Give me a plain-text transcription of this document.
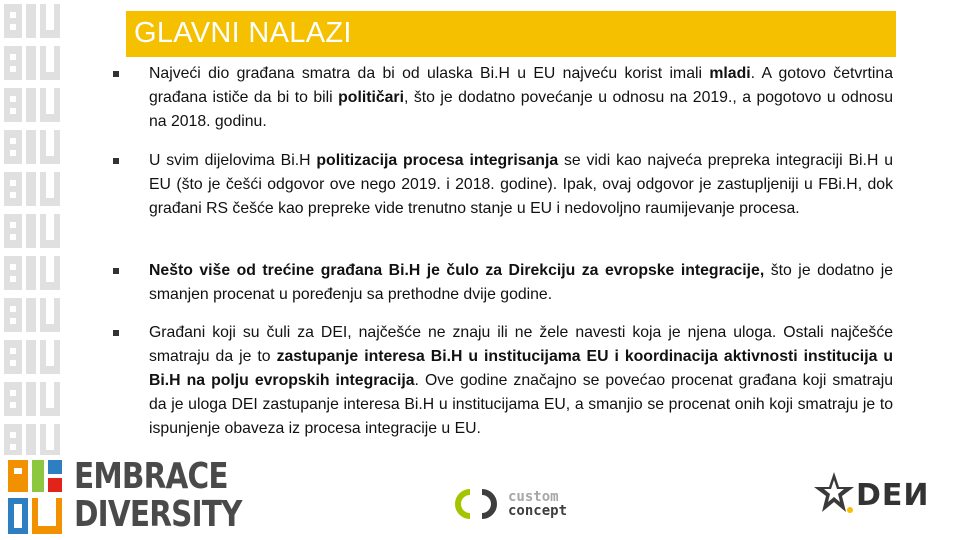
GLAVNI NALAZI
Najveći dio građana smatra da bi od ulaska Bi.H u EU najveću korist imali mladi. A gotovo četvrtina građana ističe da bi to bili političari, što je dodatno povećanje u odnosu na 2019., a pogotovo u odnosu na 2018. godinu.
U svim dijelovima Bi.H politizacija procesa integrisanja se vidi kao najveća prepreka integraciji Bi.H u EU (što je češći odgovor ove nego 2019. i 2018. godine). Ipak, ovaj odgovor je zastupljeniji u FBi.H, dok građani RS češće kao prepreke vide trenutno stanje u EU i nedovoljno raumijevanje procesa.
Nešto više od trećine građana Bi.H je čulo za Direkciju za evropske integracije, što je dodatno je smanjen procenat u poređenju sa prethodne dvije godine.
Građani koji su čuli za DEI, najčešće ne znaju ili ne žele navesti koja je njena uloga. Ostali najčešće smatraju da je to zastupanje interesa Bi.H u institucijama EU i koordinacija aktivnosti institucija u Bi.H na polju evropskih integracija. Ove godine značajno se povećao procenat građana koji smatraju da je uloga DEI zastupanje interesa Bi.H u institucijama EU, a smanjio se procenat onih koji smatraju je to ispunjenje obaveza iz procesa integracije u EU.
EMBRACE
DIVERSITY	custom
concept	DEИ
